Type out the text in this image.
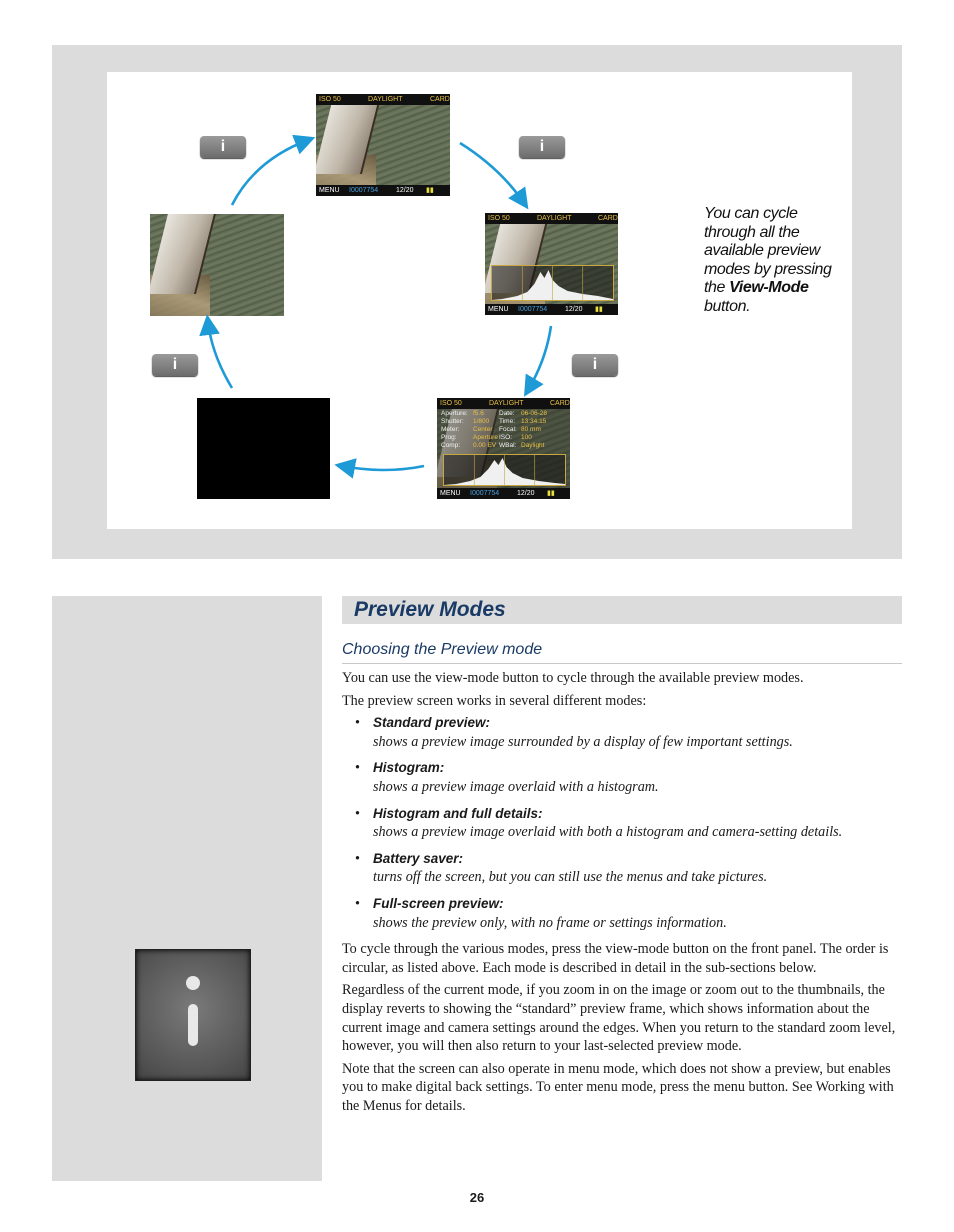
ISO 50	DAYLIGHT	CARD
MENU I0007754	12/20 ▮▮
ISO 50	DAYLIGHT	CARD
MENU I0007754	12/20 ▮▮
ISO 50	DAYLIGHT	CARD
Aperture: f5.6	Date: 06-06-28
Shutter:	1/800	Time: 13:34:15
Meter:	Center Focal: 80 mm
Prog:	Aperture ISO:	100
Comp:	0.00 EV WBal: Daylight
MENU I0007754	12/20 ▮▮
i	i
i	i
You can cycle through all the available preview modes by pressing the View-Mode button.
Preview Modes
Choosing the Preview mode

You can use the view-mode button to cycle through the available preview modes.

The preview screen works in several different modes:

• Standard preview:
shows a preview image surrounded by a display of few important settings.
• Histogram:
shows a preview image overlaid with a histogram.
• Histogram and full details:
shows a preview image overlaid with both a histogram and camera-setting details.
• Battery saver:
turns off the screen, but you can still use the menus and take pictures.
• Full-screen preview:
shows the preview only, with no frame or settings information.

To cycle through the various modes, press the view-mode button on the front panel. The order is circular, as listed above. Each mode is described in detail in the sub-sections below.

Regardless of the current mode, if you zoom in on the image or zoom out to the thumbnails, the display reverts to showing the “standard” preview frame, which shows information about the current image and camera settings around the edges. When you return to the standard zoom level, however, you will then also return to your last-selected preview mode.

Note that the screen can also operate in menu mode, which does not show a preview, but enables you to make digital back settings. To enter menu mode, press the menu button. See Working with the Menus for details.

26
